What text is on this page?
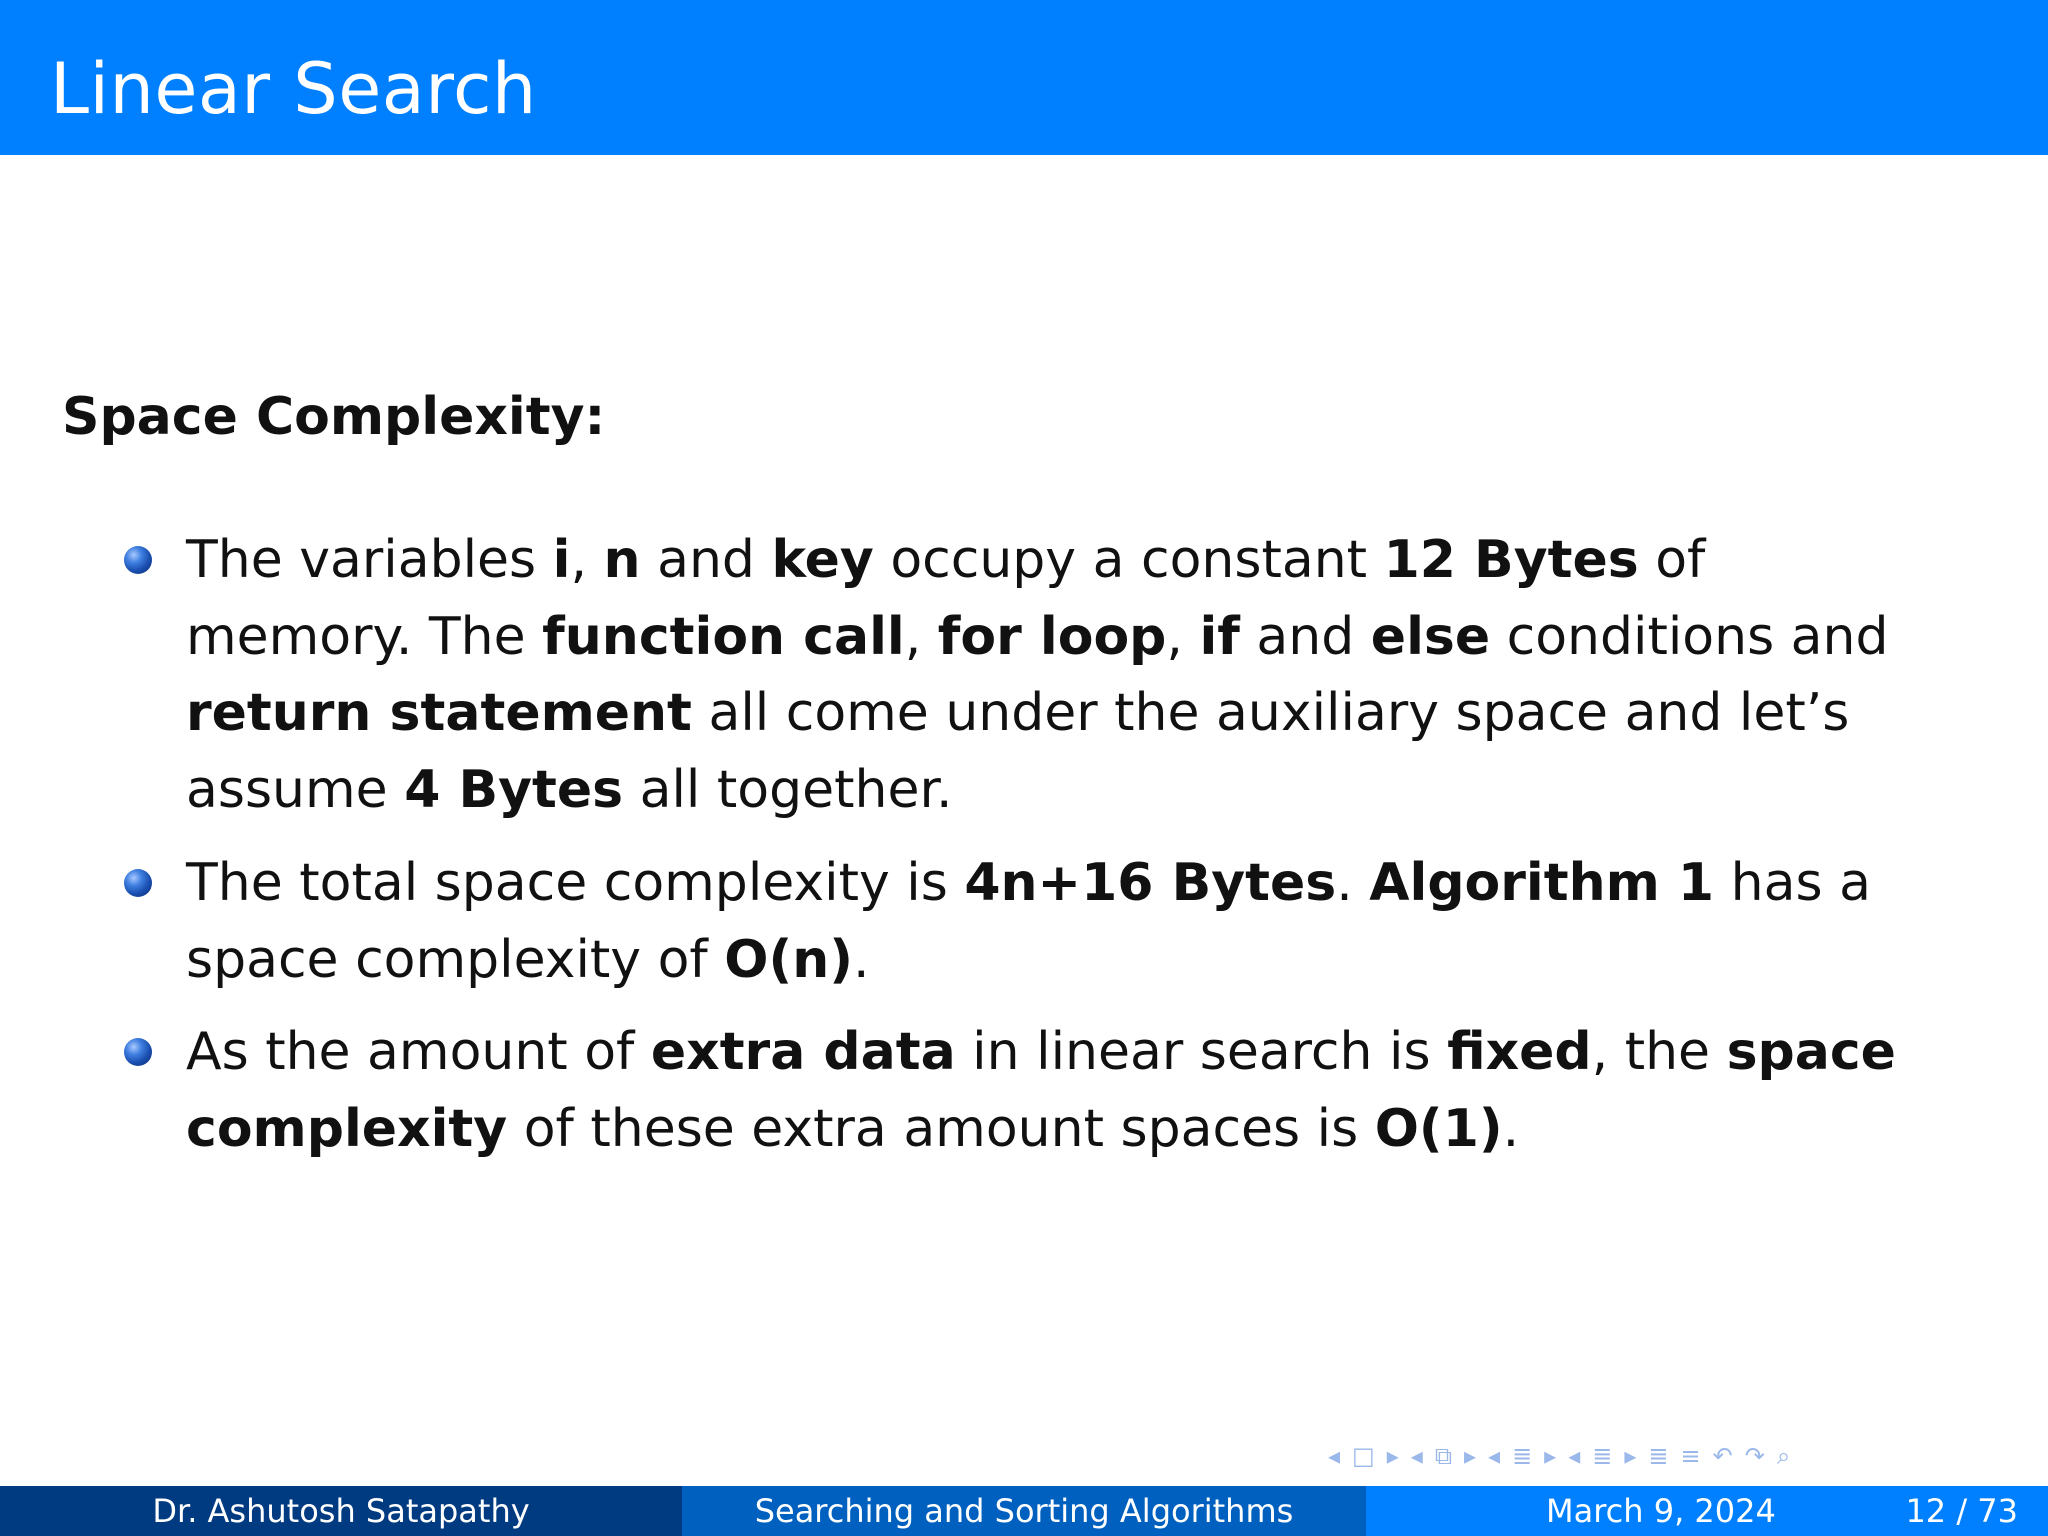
Linear Search
Space Complexity:
The variables i, n and key occupy a constant 12 Bytes of memory. The function call, for loop, if and else conditions and return statement all come under the auxiliary space and let’s assume 4 Bytes all together.
The total space complexity is 4n+16 Bytes. Algorithm 1 has a space complexity of O(n).
As the amount of extra data in linear search is fixed, the space complexity of these extra amount spaces is O(1).
◂ □ ▸ ◂ ⧉ ▸ ◂ ≣ ▸ ◂ ≣ ▸ ≣ ≡ ↶ ↷ ⌕
Dr. Ashutosh Satapathy	Searching and Sorting Algorithms	March 9, 2024	12 / 73
